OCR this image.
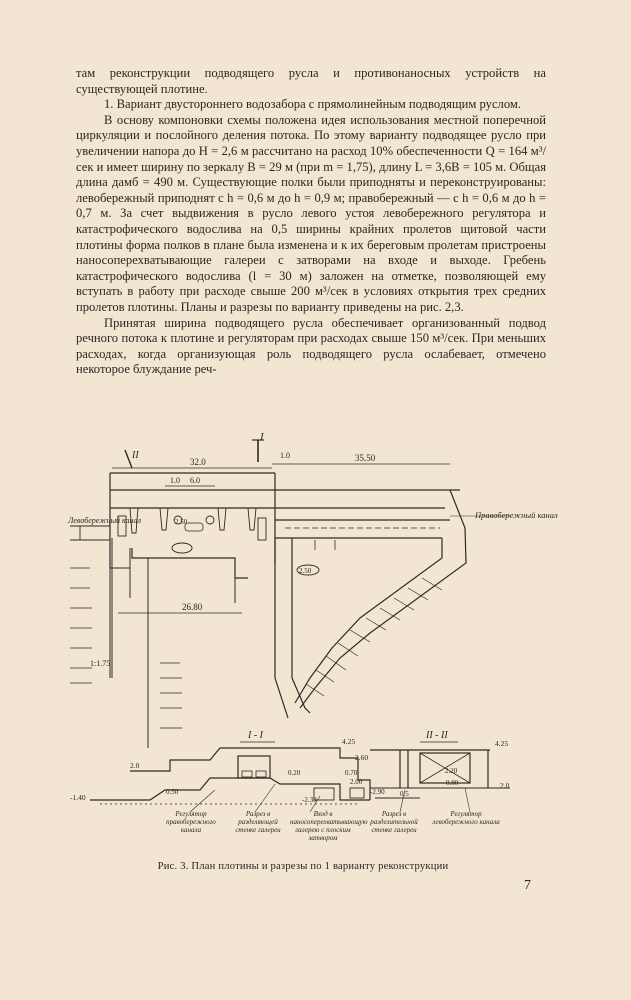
там реконструкции подводящего русла и противонаносных устройств на существующей плотине.

1. Вариант двустороннего водозабора с прямолинейным подводящим руслом.

В основу компоновки схемы положена идея использования местной поперечной циркуляции и послойного деления потока. По этому варианту подводящее русло при увеличении напора до H = 2,6 м рассчитано на расход 10% обеспеченности Q = 164 м³/сек и имеет ширину по зеркалу B = 29 м (при m = 1,75), длину L = 3,6B = 105 м. Общая длина дамб = 490 м. Существующие полки были приподняты и переконструированы: левобережный приподнят с h = 0,6 м до h = 0,9 м; правобережный — с h = 0,6 м до h = 0,7 м. За счет выдвижения в русло левого устоя левобережного регулятора и катастрофического водослива на 0,5 ширины крайних пролетов щитовой части плотины форма полков в плане была изменена и к их береговым пролетам пристроены наносоперехватывающие галереи с затворами на входе и выходе. Гребень катастрофического водослива (l = 30 м) заложен на отметке, позволяющей ему вступать в работу при расходе свыше 200 м³/сек в условиях открытия трех средних пролетов плотины. Планы и разрезы по варианту приведены на рис. 2,3.

Принятая ширина подводящего русла обеспечивает организованный подвод речного потока к плотине и регуляторам при расходах свыше 150 м³/сек. При меньших расходах, когда организующая роль подводящего русла ослабевает, отмечено некоторое блуждание реч-

I
II
32.0	35.50
1.0
1.0 6.0
Правобережный канал
Левобережный канал
26.80
2.50
2.50
1:1.75
I - I
4.25
2.60
2.0
0.20	0.70
-1.40
0.50
2.00
-2.30
Регулятор правобережного канала
Разрез в разделяющей стенке галереи
Вход в наносоперехватывающую галерею с плоским затвором
II - II
4.25
2.20
0.80	2.0
-2.90 0.5
Разрез в разделительной стенке галереи
Регулятор левобережного канала
Рис. 3. План плотины и разрезы по 1 варианту реконструкции
7
